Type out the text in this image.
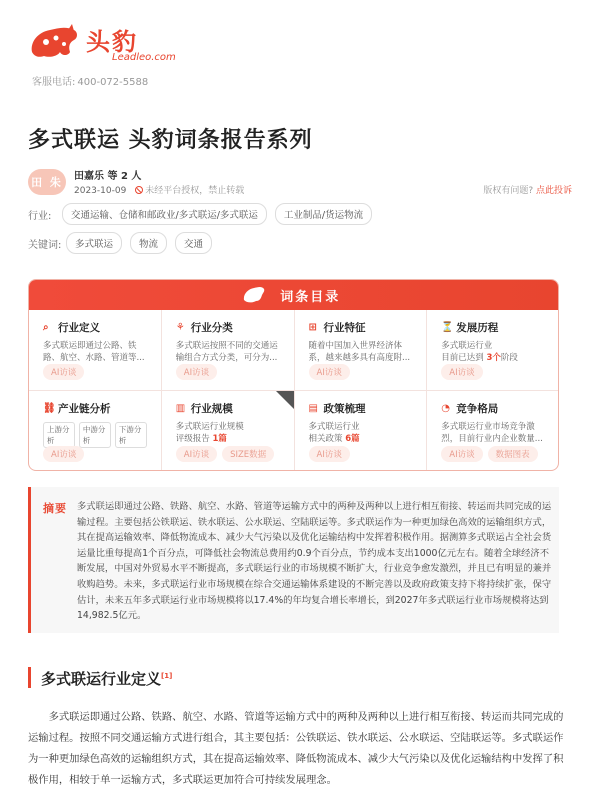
头豹
Leadleo.com
客服电话: 400-072-5588
多式联运 头豹词条报告系列
田 朱	田嘉乐 等 2 人
2023-10-09 未经平台授权，禁止转载	版权有问题? 点此投诉
行业:	交通运输、仓储和邮政业/多式联运/多式联运	工业制品/货运物流
关键词:	多式联运	物流	交通
词条目录
⌕ 行业定义
多式联运即通过公路、铁
路、航空、水路、管道等...
AI访谈
⚘ 行业分类
多式联运按照不同的交通运
输组合方式分类，可分为...
AI访谈
⊞ 行业特征
随着中国加入世界经济体
系，越来越多具有高度附...
AI访谈
⏳ 发展历程
多式联运行业
目前已达到 3个阶段
AI访谈
⛓ 产业链分析
上游分析
中游分析
下游分析
AI访谈
▥ 行业规模
多式联运行业规模
评级报告 1篇
AI访谈	SIZE数据
▤ 政策梳理
多式联运行业
相关政策 6篇
AI访谈
◔ 竞争格局
多式联运行业市场竞争激
烈，目前行业内企业数量...
AI访谈	数据图表
摘要 多式联运即通过公路、铁路、航空、水路、管道等运输方式中的两种及两种以上进行相互衔接、转运而共同完成的运输过程。主要包括公铁联运、铁水联运、公水联运、空陆联运等。多式联运作为一种更加绿色高效的运输组织方式，其在提高运输效率、降低物流成本、减少大气污染以及优化运输结构中发挥着积极作用。据测算多式联运占全社会货运量比重每提高1个百分点，可降低社会物流总费用约0.9个百分点，节约成本支出1000亿元左右。随着全球经济不断发展，中国对外贸易水平不断提高，多式联运行业的市场规模不断扩大，行业竞争愈发激烈，并且已有明显的兼并收购趋势。未来，多式联运行业市场规模在综合交通运输体系建设的不断完善以及政府政策支持下将持续扩张，保守估计，未来五年多式联运行业市场规模将以17.4%的年均复合增长率增长，到2027年多式联运行业市场规模将达到14,982.5亿元。
多式联运行业定义[1]
多式联运即通过公路、铁路、航空、水路、管道等运输方式中的两种及两种以上进行相互衔接、转运而共同完成的运输过程。按照不同交通运输方式进行组合，其主要包括：公铁联运、铁水联运、公水联运、空陆联运等。多式联运作为一种更加绿色高效的运输组织方式，其在提高运输效率、降低物流成本、减少大气污染以及优化运输结构中发挥了积极作用，相较于单一运输方式，多式联运更加符合可持续发展理念。
